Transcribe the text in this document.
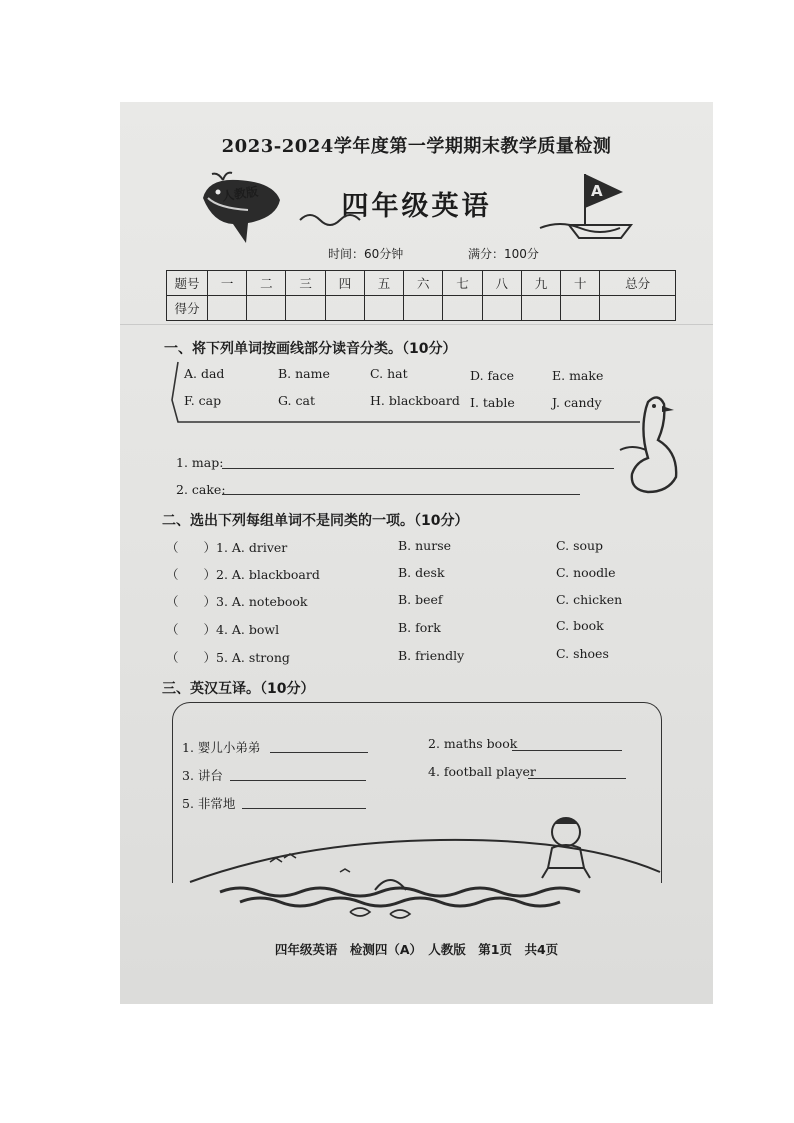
2023-2024学年度第一学期期末教学质量检测
人教版	四年级英语	A
时间：60分钟	满分：100分
题号	一	二	三	四	五	六	七	八	九	十	总分
得分											
一、将下列单词按画线部分读音分类。（10分）
A. dad	B. name	C. hat	D. face	E. make
F. cap	G. cat	H. blackboard I. table	J. candy
1. map:
2. cake:
二、选出下列每组单词不是同类的一项。（10分）
（　　）1. A. driver	B. nurse	C. soup
（　　）2. A. blackboard	B. desk	C. noodle
（　　）3. A. notebook	B. beef	C. chicken
（　　）4. A. bowl	B. fork	C. book
（　　）5. A. strong	B. friendly	C. shoes
三、英汉互译。（10分）
1. 婴儿小弟弟	2. maths book
3. 讲台	4. football player
5. 非常地
四年级英语　检测四（A）　人教版　第1页　共4页
